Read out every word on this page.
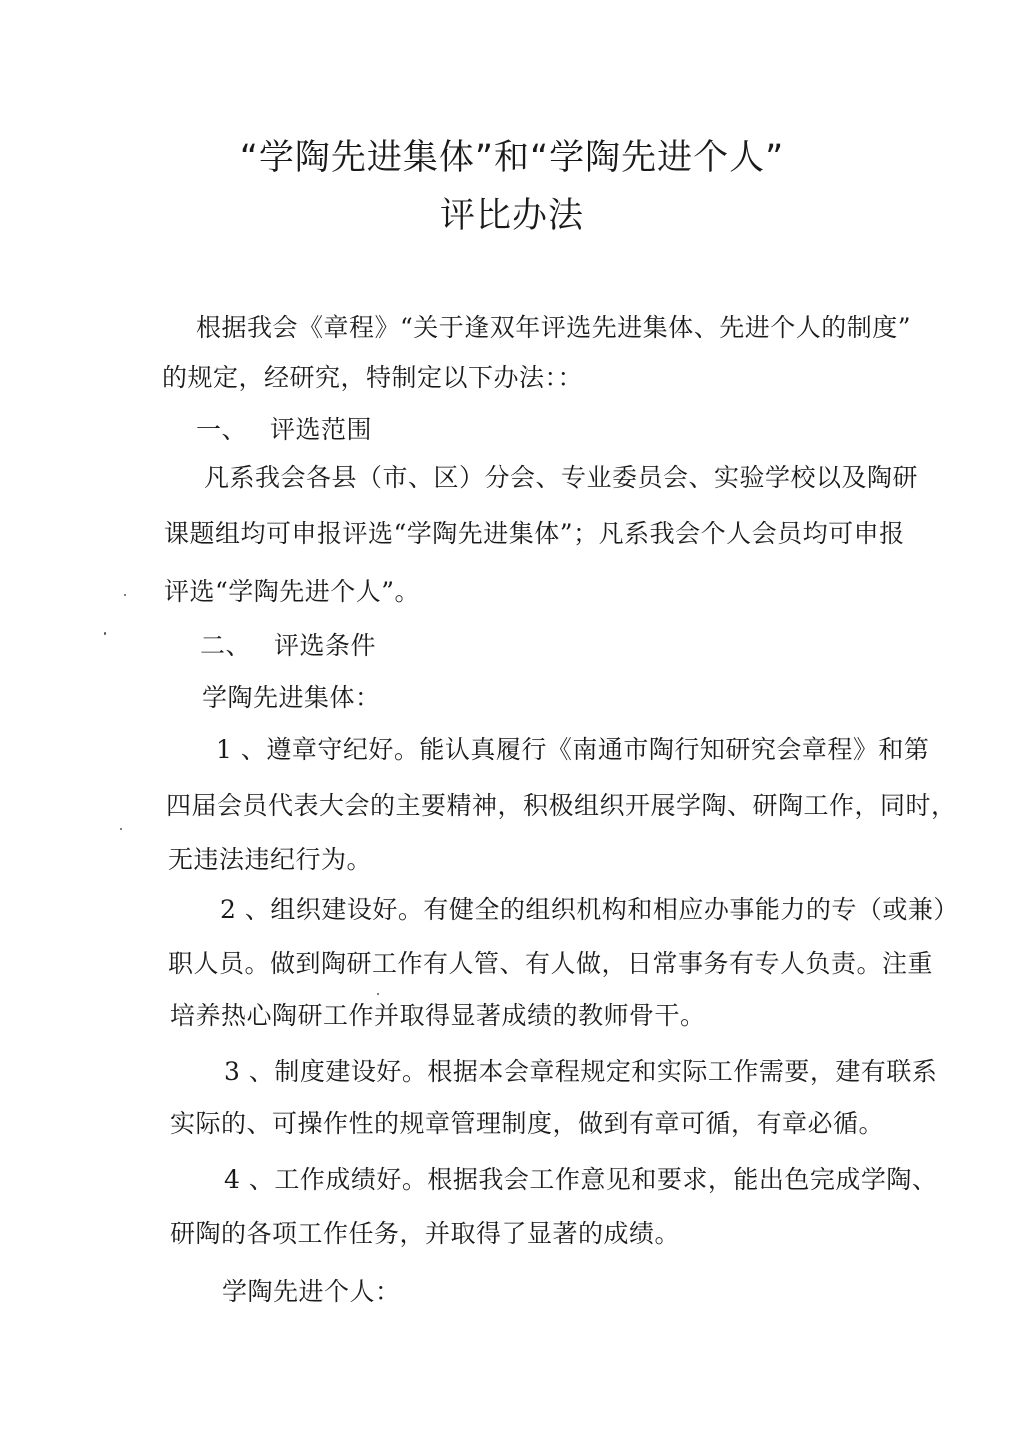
“学陶先进集体”和“学陶先进个人”
评比办法
根据我会《章程》“关于逢双年评选先进集体、先进个人的制度”
的规定，经研究，特制定以下办法：：
一、 评选范围
凡系我会各县（市、区）分会、专业委员会、实验学校以及陶研
课题组均可申报评选“学陶先进集体”；凡系我会个人会员均可申报
评选“学陶先进个人”。
二、 评选条件
学陶先进集体：
1 、遵章守纪好。能认真履行《南通市陶行知研究会章程》和第
四届会员代表大会的主要精神，积极组织开展学陶、研陶工作，同时，
无违法违纪行为。
2 、组织建设好。有健全的组织机构和相应办事能力的专（或兼）
职人员。做到陶研工作有人管、有人做，日常事务有专人负责。注重
培养热心陶研工作并取得显著成绩的教师骨干。
3 、制度建设好。根据本会章程规定和实际工作需要，建有联系
实际的、可操作性的规章管理制度，做到有章可循，有章必循。
4 、工作成绩好。根据我会工作意见和要求，能出色完成学陶、
研陶的各项工作任务，并取得了显著的成绩。
学陶先进个人：
